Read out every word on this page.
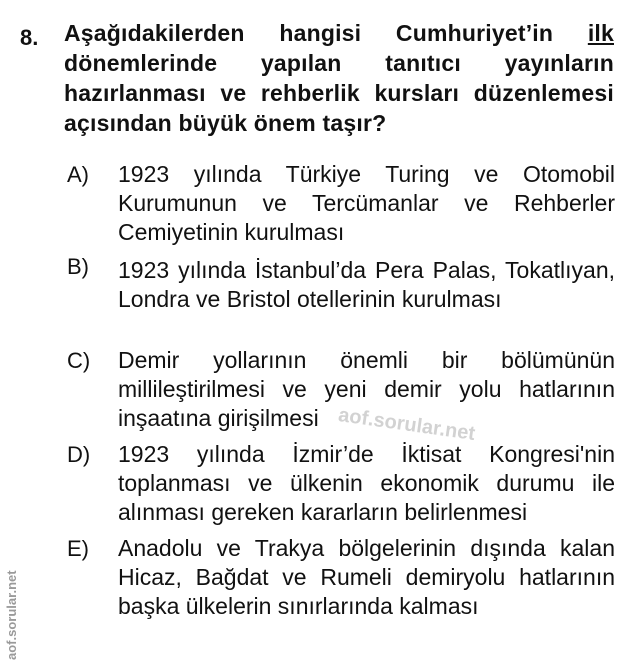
8. Aşağıdakilerden hangisi Cumhuriyet’in ilk dönemlerinde yapılan tanıtıcı yayınların hazırlanması ve rehberlik kursları düzenlemesi açısından büyük önem taşır?
A) 1923 yılında Türkiye Turing ve Otomobil Kurumunun ve Tercümanlar ve Rehberler Cemiyetinin kurulması
B) 1923 yılında İstanbul’da Pera Palas, Tokatlıyan, Londra ve Bristol otellerinin kurulması
C) Demir yollarının önemli bir bölümünün millileştirilmesi ve yeni demir yolu hatlarının inşaatına girişilmesi
D) 1923 yılında İzmir’de İktisat Kongresi'nin toplanması ve ülkenin ekonomik durumu ile alınması gereken kararların belirlenmesi
E) Anadolu ve Trakya bölgelerinin dışında kalan Hicaz, Bağdat ve Rumeli demiryolu hatlarının başka ülkelerin sınırlarında kalması
aof.sorular.net
aof.sorular.net
